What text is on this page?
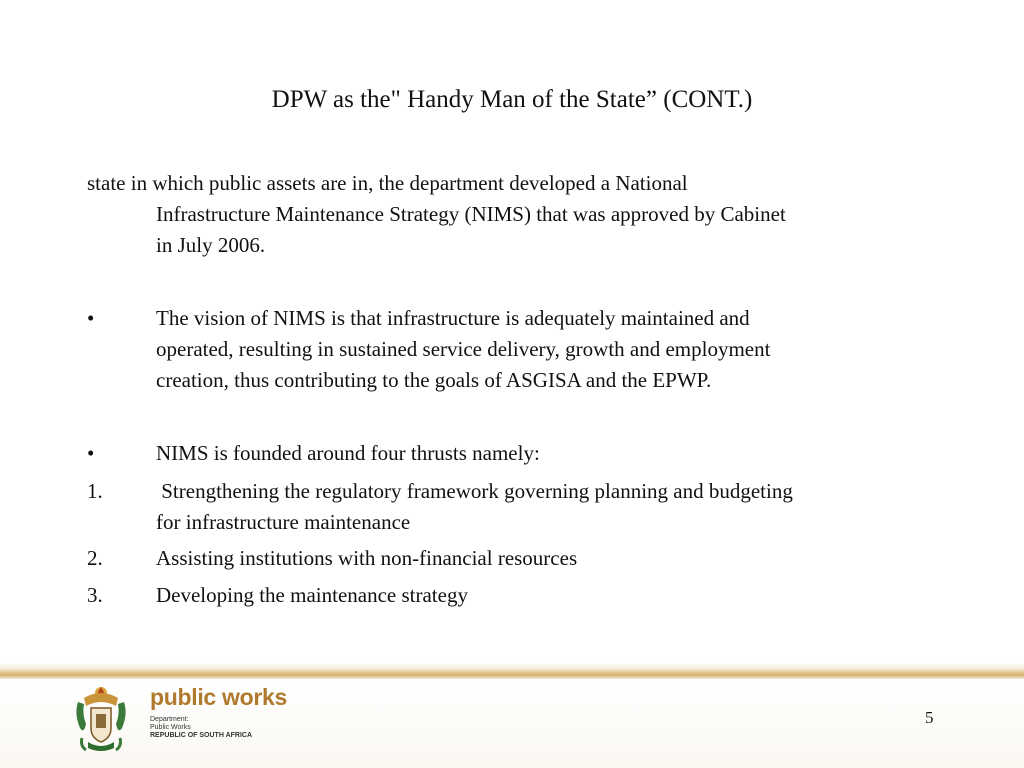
DPW as the" Handy Man of the State” (CONT.)
state in which public assets are in, the department developed a National
Infrastructure Maintenance Strategy (NIMS) that was approved by Cabinet
in July 2006.
•	The vision of NIMS is that infrastructure is adequately maintained and
operated, resulting in sustained service delivery, growth and employment
creation, thus contributing to the goals of ASGISA and the EPWP.
•	NIMS is founded around four thrusts namely:
1.	Strengthening the regulatory framework governing planning and budgeting
for infrastructure maintenance
2.	Assisting institutions with non-financial resources
3.	Developing the maintenance strategy
public works
Department:
Public Works
REPUBLIC OF SOUTH AFRICA
5
